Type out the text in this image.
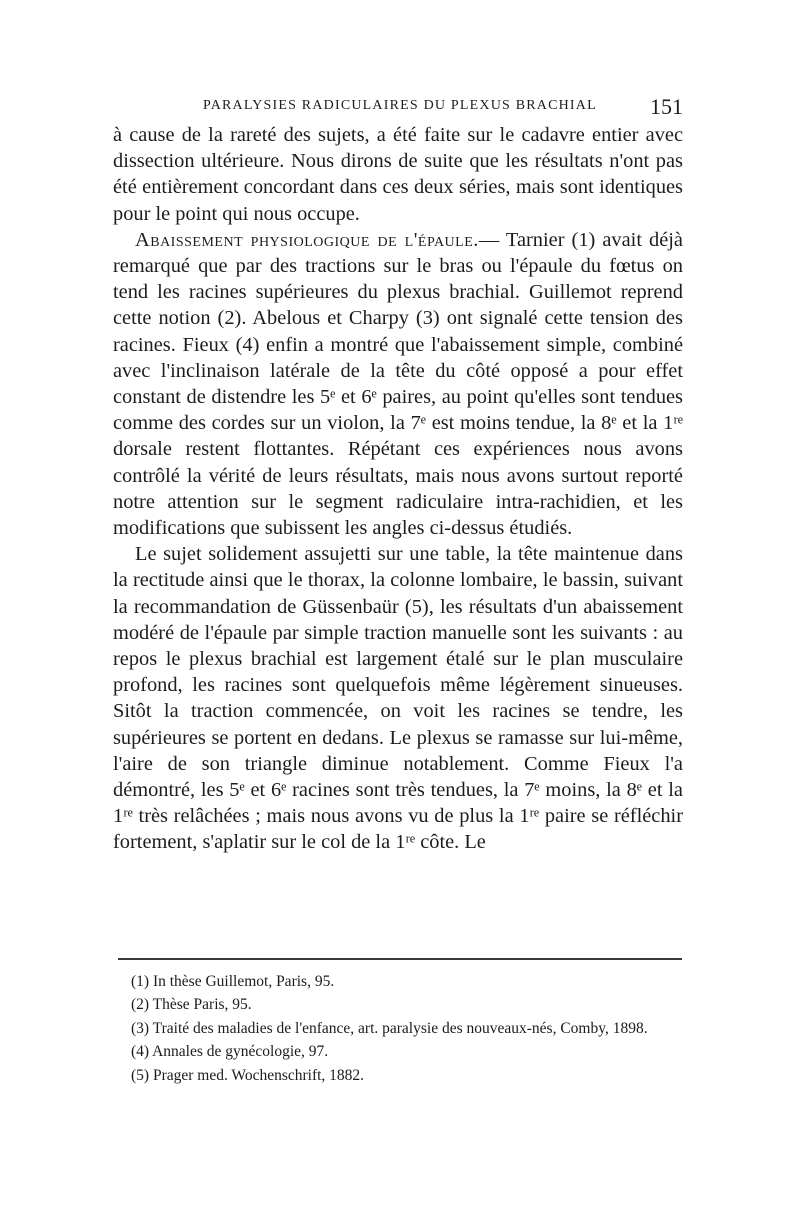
PARALYSIES RADICULAIRES DU PLEXUS BRACHIAL 151

à cause de la rareté des sujets, a été faite sur le cadavre entier avec dissection ultérieure. Nous dirons de suite que les résultats n'ont pas été entièrement concordant dans ces deux séries, mais sont identiques pour le point qui nous occupe.

Abaissement physiologique de l'épaule.— Tarnier (1) avait déjà remarqué que par des tractions sur le bras ou l'épaule du fœtus on tend les racines supérieures du plexus brachial. Guillemot reprend cette notion (2). Abelous et Charpy (3) ont signalé cette tension des racines. Fieux (4) enfin a montré que l'abaissement simple, combiné avec l'inclinaison latérale de la tête du côté opposé a pour effet constant de distendre les 5ᵉ et 6ᵉ paires, au point qu'elles sont tendues comme des cordes sur un violon, la 7ᵉ est moins tendue, la 8ᵉ et la 1ʳᵉ dorsale restent flottantes. Répétant ces expériences nous avons contrôlé la vérité de leurs résultats, mais nous avons surtout reporté notre attention sur le segment radiculaire intra-rachidien, et les modifications que subissent les angles ci-dessus étudiés.

Le sujet solidement assujetti sur une table, la tête maintenue dans la rectitude ainsi que le thorax, la colonne lombaire, le bassin, suivant la recommandation de Güssenbaür (5), les résultats d'un abaissement modéré de l'épaule par simple traction manuelle sont les suivants : au repos le plexus brachial est largement étalé sur le plan musculaire profond, les racines sont quelquefois même légèrement sinueuses. Sitôt la traction commencée, on voit les racines se tendre, les supérieures se portent en dedans. Le plexus se ramasse sur lui-même, l'aire de son triangle diminue notablement. Comme Fieux l'a démontré, les 5ᵉ et 6ᵉ racines sont très tendues, la 7ᵉ moins, la 8ᵉ et la 1ʳᵉ très relâchées ; mais nous avons vu de plus la 1ʳᵉ paire se réfléchir fortement, s'aplatir sur le col de la 1ʳᵉ côte. Le

(1) In thèse Guillemot, Paris, 95.

(2) Thèse Paris, 95.

(3) Traité des maladies de l'enfance, art. paralysie des nouveaux-nés, Comby, 1898.

(4) Annales de gynécologie, 97.

(5) Prager med. Wochenschrift, 1882.
